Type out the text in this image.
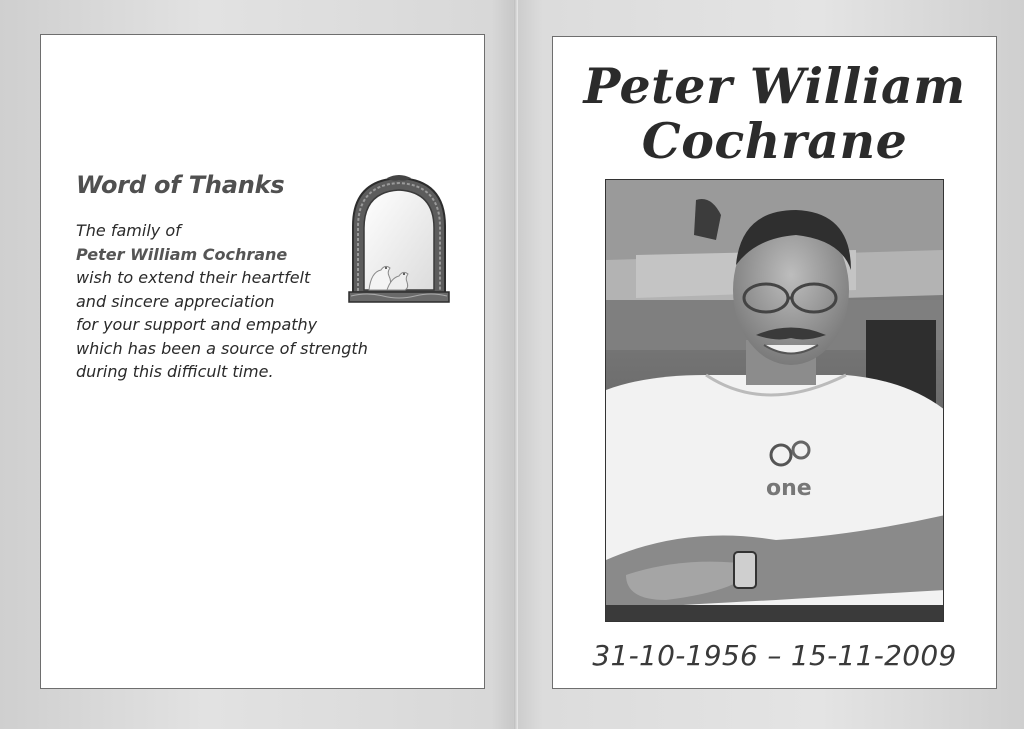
Word of Thanks
The family of
Peter William Cochrane
wish to extend their heartfelt
and sincere appreciation
for your support and empathy
which has been a source of strength
during this difficult time.
Peter William
Cochrane
one
31-10-1956 – 15-11-2009
